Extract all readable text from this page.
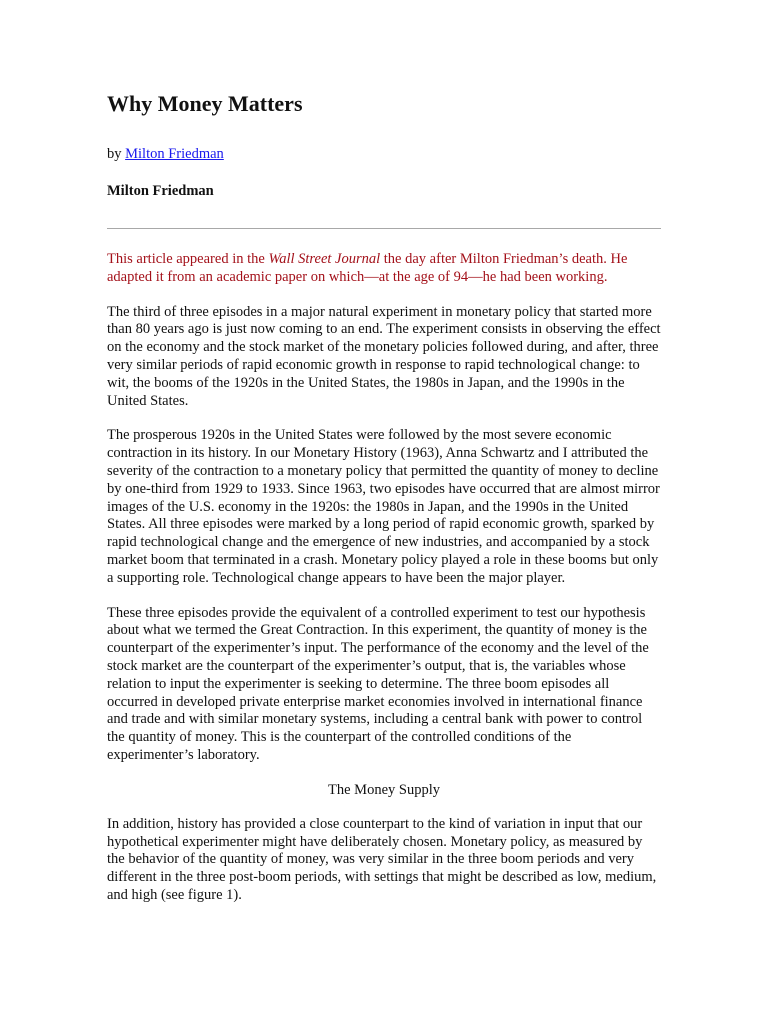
Why Money Matters
by Milton Friedman
Milton Friedman
This article appeared in the Wall Street Journal the day after Milton Friedman’s death. He adapted it from an academic paper on which—at the age of 94—he had been working.

The third of three episodes in a major natural experiment in monetary policy that started more than 80 years ago is just now coming to an end. The experiment consists in observing the effect on the economy and the stock market of the monetary policies followed during, and after, three very similar periods of rapid economic growth in response to rapid technological change: to wit, the booms of the 1920s in the United States, the 1980s in Japan, and the 1990s in the United States.

The prosperous 1920s in the United States were followed by the most severe economic contraction in its history. In our Monetary History (1963), Anna Schwartz and I attributed the severity of the contraction to a monetary policy that permitted the quantity of money to decline by one-third from 1929 to 1933. Since 1963, two episodes have occurred that are almost mirror images of the U.S. economy in the 1920s: the 1980s in Japan, and the 1990s in the United States. All three episodes were marked by a long period of rapid economic growth, sparked by rapid technological change and the emergence of new industries, and accompanied by a stock market boom that terminated in a crash. Monetary policy played a role in these booms but only a supporting role. Technological change appears to have been the major player.

These three episodes provide the equivalent of a controlled experiment to test our hypothesis about what we termed the Great Contraction. In this experiment, the quantity of money is the counterpart of the experimenter’s input. The performance of the economy and the level of the stock market are the counterpart of the experimenter’s output, that is, the variables whose relation to input the experimenter is seeking to determine. The three boom episodes all occurred in developed private enterprise market economies involved in international finance and trade and with similar monetary systems, including a central bank with power to control the quantity of money. This is the counterpart of the controlled conditions of the experimenter’s laboratory.

The Money Supply

In addition, history has provided a close counterpart to the kind of variation in input that our hypothetical experimenter might have deliberately chosen. Monetary policy, as measured by the behavior of the quantity of money, was very similar in the three boom periods and very different in the three post-boom periods, with settings that might be described as low, medium, and high (see figure 1).
